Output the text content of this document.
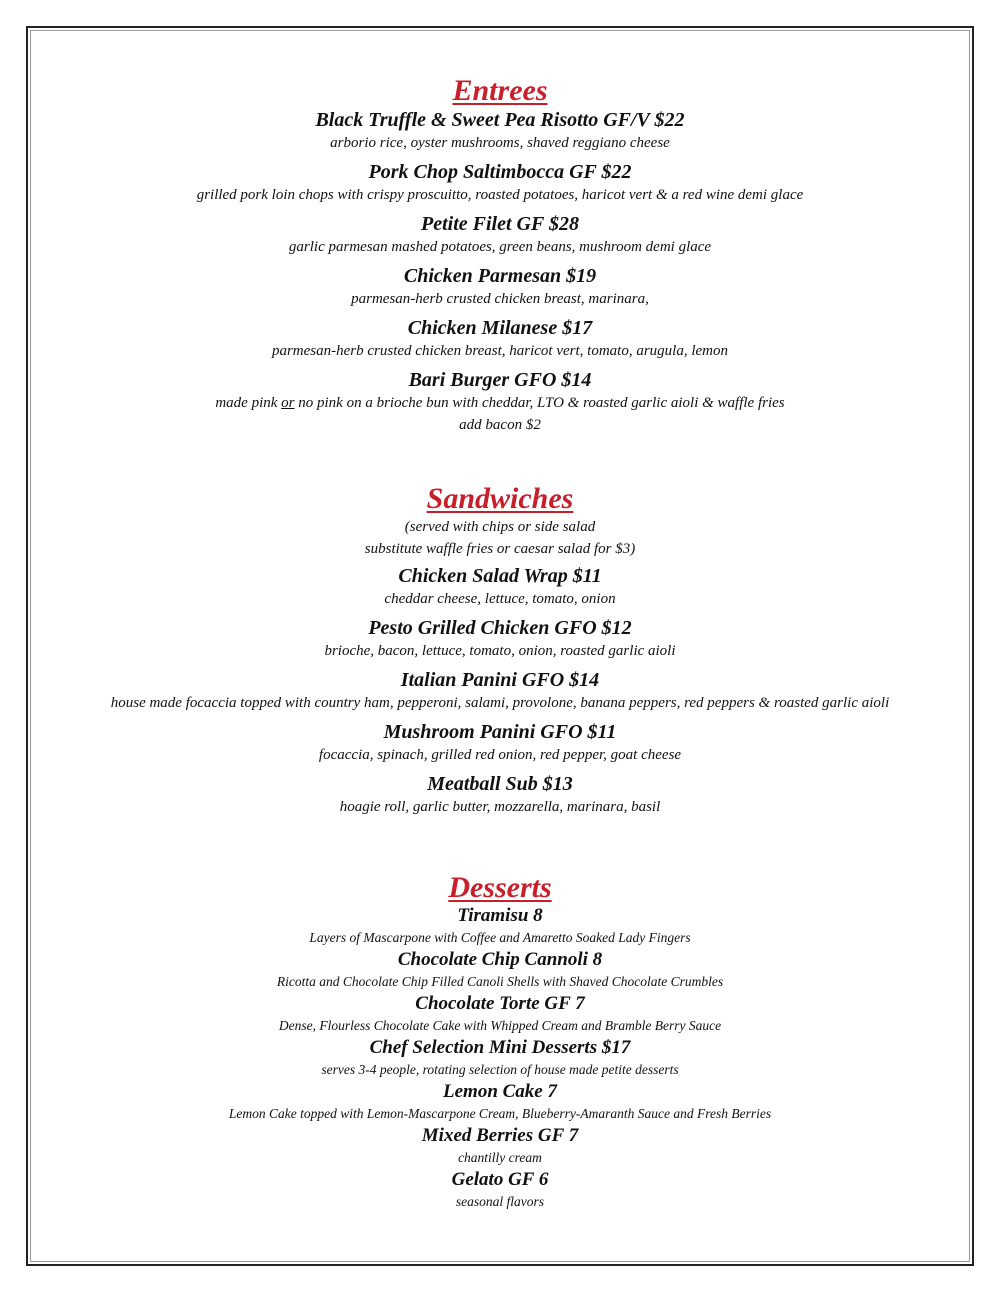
Entrees
Black Truffle & Sweet Pea Risotto GF/V $22
arborio rice, oyster mushrooms, shaved reggiano cheese
Pork Chop Saltimbocca GF $22
grilled pork loin chops with crispy proscuitto, roasted potatoes, haricot vert & a red wine demi glace
Petite Filet GF $28
garlic parmesan mashed potatoes, green beans, mushroom demi glace
Chicken Parmesan $19
parmesan-herb crusted chicken breast, marinara,
Chicken Milanese $17
parmesan-herb crusted chicken breast, haricot vert, tomato, arugula, lemon
Bari Burger GFO $14
made pink or no pink on a brioche bun with cheddar, LTO & roasted garlic aioli & waffle fries
add bacon $2
Sandwiches
(served with chips or side salad
substitute waffle fries or caesar salad for $3)
Chicken Salad Wrap $11
cheddar cheese, lettuce, tomato, onion
Pesto Grilled Chicken GFO $12
brioche, bacon, lettuce, tomato, onion, roasted garlic aioli
Italian Panini GFO $14
house made focaccia topped with country ham, pepperoni, salami, provolone, banana peppers, red peppers & roasted garlic aioli
Mushroom Panini GFO $11
focaccia, spinach, grilled red onion, red pepper, goat cheese
Meatball Sub $13
hoagie roll, garlic butter, mozzarella, marinara, basil
Desserts
Tiramisu 8
Layers of Mascarpone with Coffee and Amaretto Soaked Lady Fingers
Chocolate Chip Cannoli 8
Ricotta and Chocolate Chip Filled Canoli Shells with Shaved Chocolate Crumbles
Chocolate Torte GF 7
Dense, Flourless Chocolate Cake with Whipped Cream and Bramble Berry Sauce
Chef Selection Mini Desserts $17
serves 3-4 people, rotating selection of house made petite desserts
Lemon Cake 7
Lemon Cake topped with Lemon-Mascarpone Cream, Blueberry-Amaranth Sauce and Fresh Berries
Mixed Berries GF 7
chantilly cream
Gelato GF 6
seasonal flavors
